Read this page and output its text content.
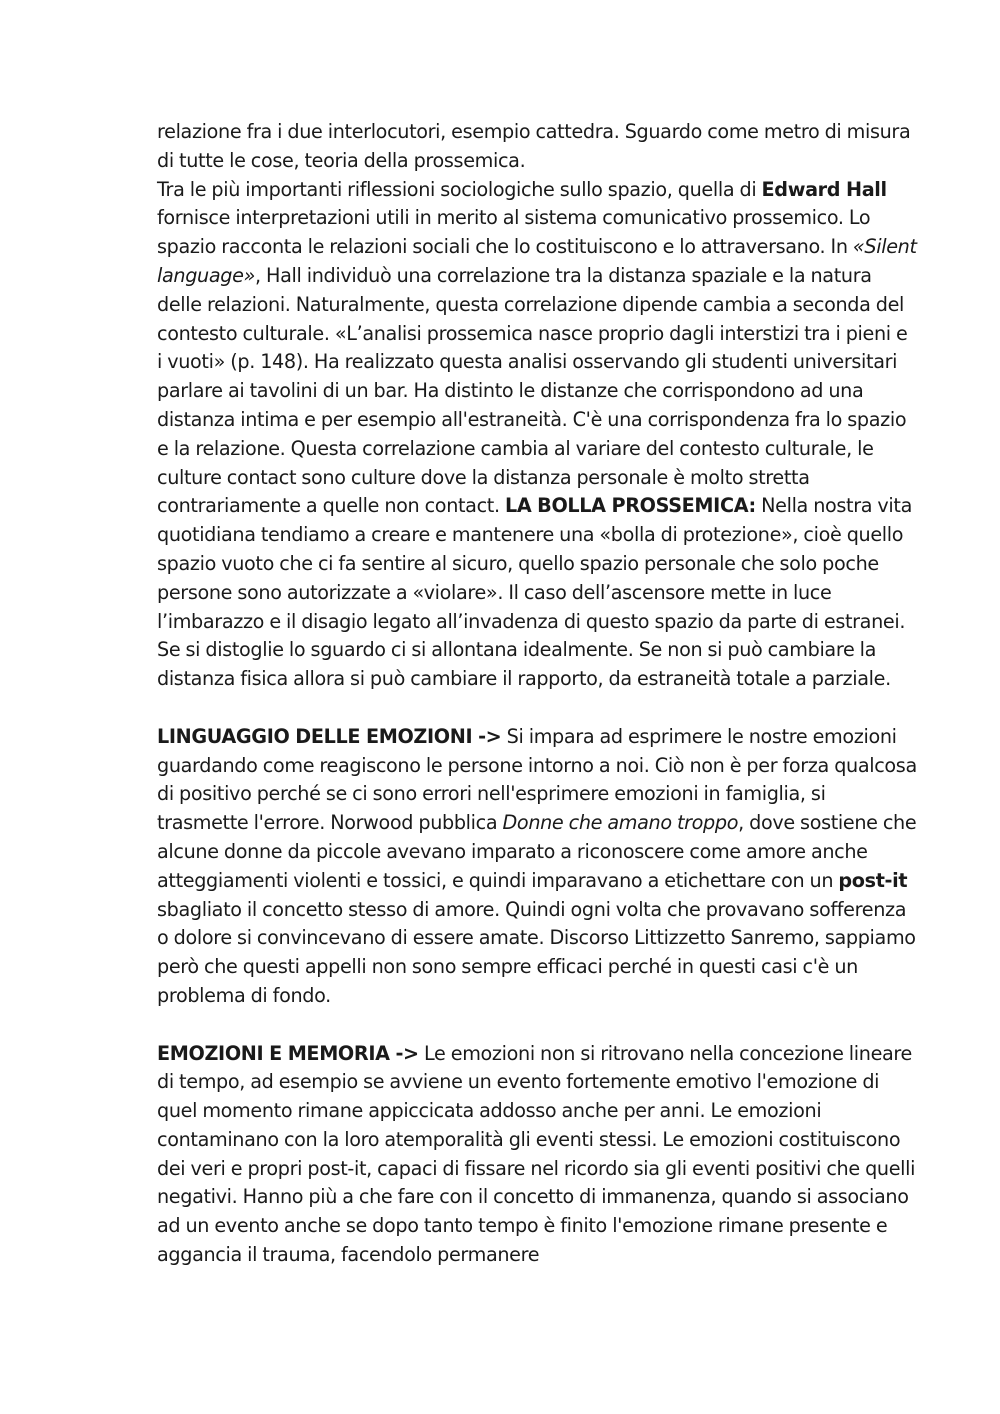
relazione fra i due interlocutori, esempio cattedra. Sguardo come metro di misura di tutte le cose, teoria della prossemica.

Tra le più importanti riflessioni sociologiche sullo spazio, quella di Edward Hall fornisce interpretazioni utili in merito al sistema comunicativo prossemico. Lo spazio racconta le relazioni sociali che lo costituiscono e lo attraversano. In «Silent language», Hall individuò una correlazione tra la distanza spaziale e la natura delle relazioni. Naturalmente, questa correlazione dipende cambia a seconda del contesto culturale. «L’analisi prossemica nasce proprio dagli interstizi tra i pieni e i vuoti» (p. 148). Ha realizzato questa analisi osservando gli studenti universitari parlare ai tavolini di un bar. Ha distinto le distanze che corrispondono ad una distanza intima e per esempio all'estraneità. C'è una corrispondenza fra lo spazio e la relazione. Questa correlazione cambia al variare del contesto culturale, le culture contact sono culture dove la distanza personale è molto stretta contrariamente a quelle non contact. LA BOLLA PROSSEMICA: Nella nostra vita quotidiana tendiamo a creare e mantenere una «bolla di protezione», cioè quello spazio vuoto che ci fa sentire al sicuro, quello spazio personale che solo poche persone sono autorizzate a «violare». Il caso dell’ascensore mette in luce l’imbarazzo e il disagio legato all’invadenza di questo spazio da parte di estranei. Se si distoglie lo sguardo ci si allontana idealmente. Se non si può cambiare la distanza fisica allora si può cambiare il rapporto, da estraneità totale a parziale.

LINGUAGGIO DELLE EMOZIONI -> Si impara ad esprimere le nostre emozioni guardando come reagiscono le persone intorno a noi. Ciò non è per forza qualcosa di positivo perché se ci sono errori nell'esprimere emozioni in famiglia, si trasmette l'errore. Norwood pubblica Donne che amano troppo, dove sostiene che alcune donne da piccole avevano imparato a riconoscere come amore anche atteggiamenti violenti e tossici, e quindi imparavano a etichettare con un post-it sbagliato il concetto stesso di amore. Quindi ogni volta che provavano sofferenza o dolore si convincevano di essere amate. Discorso Littizzetto Sanremo, sappiamo però che questi appelli non sono sempre efficaci perché in questi casi c'è un problema di fondo.

EMOZIONI E MEMORIA -> Le emozioni non si ritrovano nella concezione lineare di tempo, ad esempio se avviene un evento fortemente emotivo l'emozione di quel momento rimane appiccicata addosso anche per anni. Le emozioni contaminano con la loro atemporalità gli eventi stessi. Le emozioni costituiscono dei veri e propri post-it, capaci di fissare nel ricordo sia gli eventi positivi che quelli negativi. Hanno più a che fare con il concetto di immanenza, quando si associano ad un evento anche se dopo tanto tempo è finito l'emozione rimane presente e aggancia il trauma, facendolo permanere
